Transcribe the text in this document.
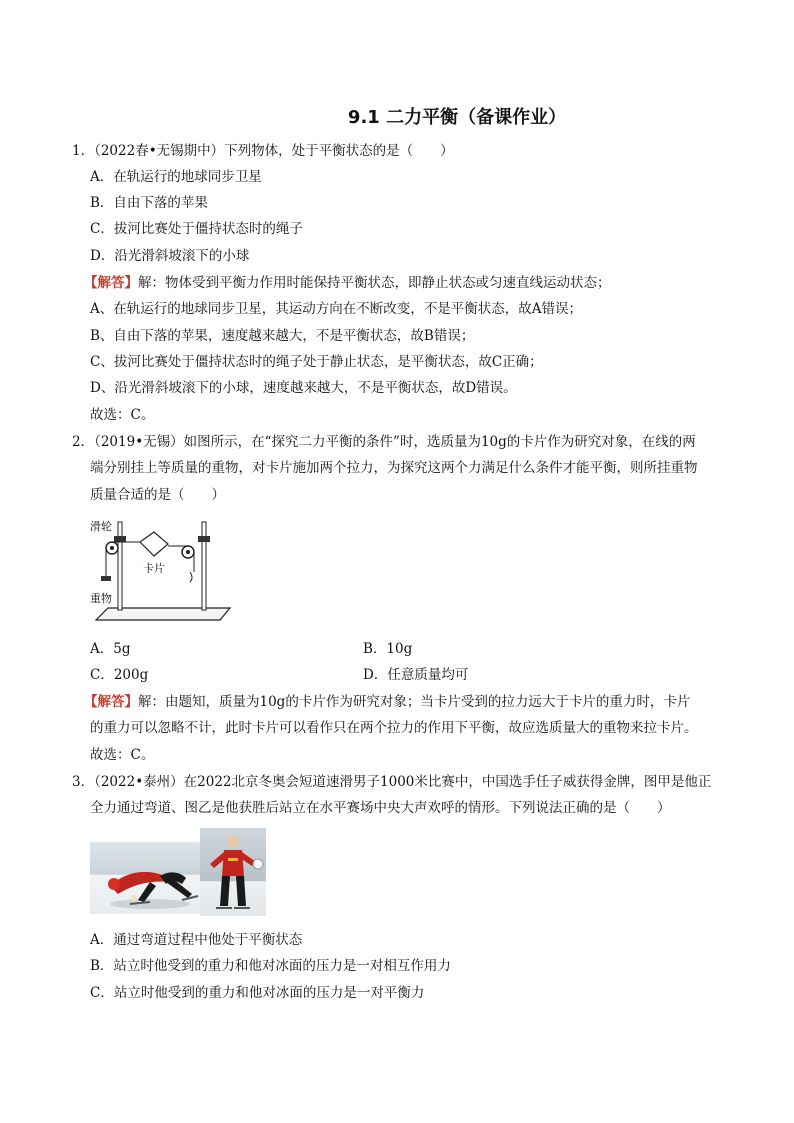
9.1 二力平衡（备课作业）
1．（2022春•无锡期中）下列物体，处于平衡状态的是（　　）
A．在轨运行的地球同步卫星
B．自由下落的苹果
C．拔河比赛处于僵持状态时的绳子
D．沿光滑斜坡滚下的小球
【解答】解：物体受到平衡力作用时能保持平衡状态，即静止状态或匀速直线运动状态；
A、在轨运行的地球同步卫星，其运动方向在不断改变，不是平衡状态，故A错误；
B、自由下落的苹果，速度越来越大，不是平衡状态，故B错误；
C、拔河比赛处于僵持状态时的绳子处于静止状态，是平衡状态，故C正确；
D、沿光滑斜坡滚下的小球，速度越来越大，不是平衡状态，故D错误。
故选：C。
2．（2019•无锡）如图所示，在“探究二力平衡的条件”时，选质量为10g的卡片作为研究对象，在线的两
端分别挂上等质量的重物，对卡片施加两个拉力，为探究这两个力满足什么条件才能平衡，则所挂重物
质量合适的是（　　）
滑轮
卡片
重物
A．5g	B．10g
C．200g	D．任意质量均可
【解答】解：由题知，质量为10g的卡片作为研究对象；当卡片受到的拉力远大于卡片的重力时，卡片
的重力可以忽略不计，此时卡片可以看作只在两个拉力的作用下平衡，故应选质量大的重物来拉卡片。
故选：C。
3．（2022•泰州）在2022北京冬奥会短道速滑男子1000米比赛中，中国选手任子威获得金牌，图甲是他正
全力通过弯道、图乙是他获胜后站立在水平赛场中央大声欢呼的情形。下列说法正确的是（　　）
A．通过弯道过程中他处于平衡状态
B．站立时他受到的重力和他对冰面的压力是一对相互作用力
C．站立时他受到的重力和他对冰面的压力是一对平衡力
